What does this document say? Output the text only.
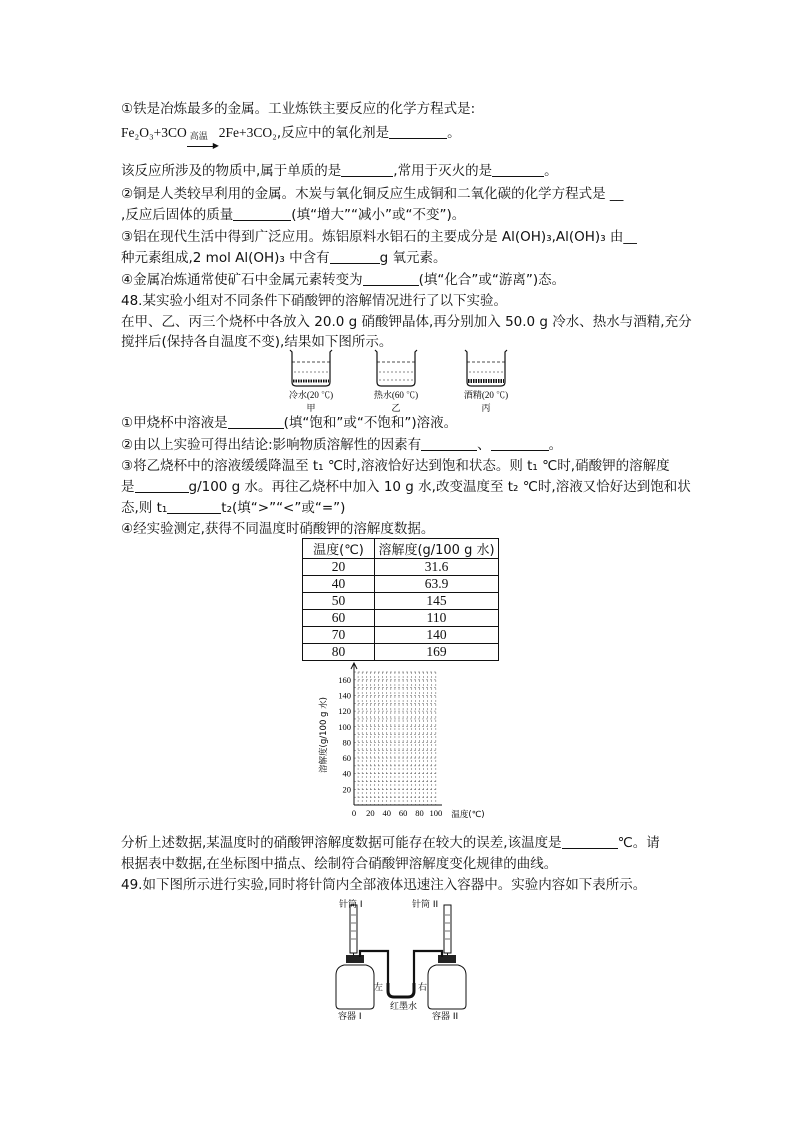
①铁是冶炼最多的金属。工业炼铁主要反应的化学方程式是:
Fe₂O₃+3CO 高温
▶
2Fe+3CO₂,反应中的氧化剂是	。
该反应所涉及的物质中,属于单质的是	,常用于灭火的是	。
②铜是人类较早利用的金属。木炭与氧化铜反应生成铜和二氧化碳的化学方程式是 __
,反应后固体的质量	(填“增大”“减小”或“不变”)。
③铝在现代生活中得到广泛应用。炼铝原料水铝石的主要成分是 Al(OH)₃,Al(OH)₃ 由__
种元素组成,2 mol Al(OH)₃ 中含有	g 氧元素。
④金属冶炼通常使矿石中金属元素转变为	(填“化合”或“游离”)态。
48.某实验小组对不同条件下硝酸钾的溶解情况进行了以下实验。
在甲、乙、丙三个烧杯中各放入 20.0 g 硝酸钾晶体,再分别加入 50.0 g 冷水、热水与酒精,充分
搅拌后(保持各自温度不变),结果如下图所示。
冷水(20 ℃)
甲
热水(60 ℃)
乙
酒精(20 ℃)
丙
①甲烧杯中溶液是	(填“饱和”或“不饱和”)溶液。
②由以上实验可得出结论:影响物质溶解性的因素有	、	。
③将乙烧杯中的溶液缓缓降温至 t₁ ℃时,溶液恰好达到饱和状态。则 t₁ ℃时,硝酸钾的溶解度
是	g/100 g 水。再往乙烧杯中加入 10 g 水,改变温度至 t₂ ℃时,溶液又恰好达到饱和状
态,则 t₁	t₂(填“>”“<”或“=”)
④经实验测定,获得不同温度时硝酸钾的溶解度数据。
温度(℃)	溶解度(g/100 g 水)
20	31.6
40	63.9
50	145
60	110
70	140
80	169
20
40
60
80
100
120
140
160
0 20 40 60 80 100
溶解度(g/100 g 水)
温度(℃)
分析上述数据,某温度时的硝酸钾溶解度数据可能存在较大的误差,该温度是	℃。请
根据表中数据,在坐标图中描点、绘制符合硝酸钾溶解度变化规律的曲线。
49.如下图所示进行实验,同时将针筒内全部液体迅速注入容器中。实验内容如下表所示。
针筒 I	针筒 II
左	右
红墨水
容器 I	容器 II
